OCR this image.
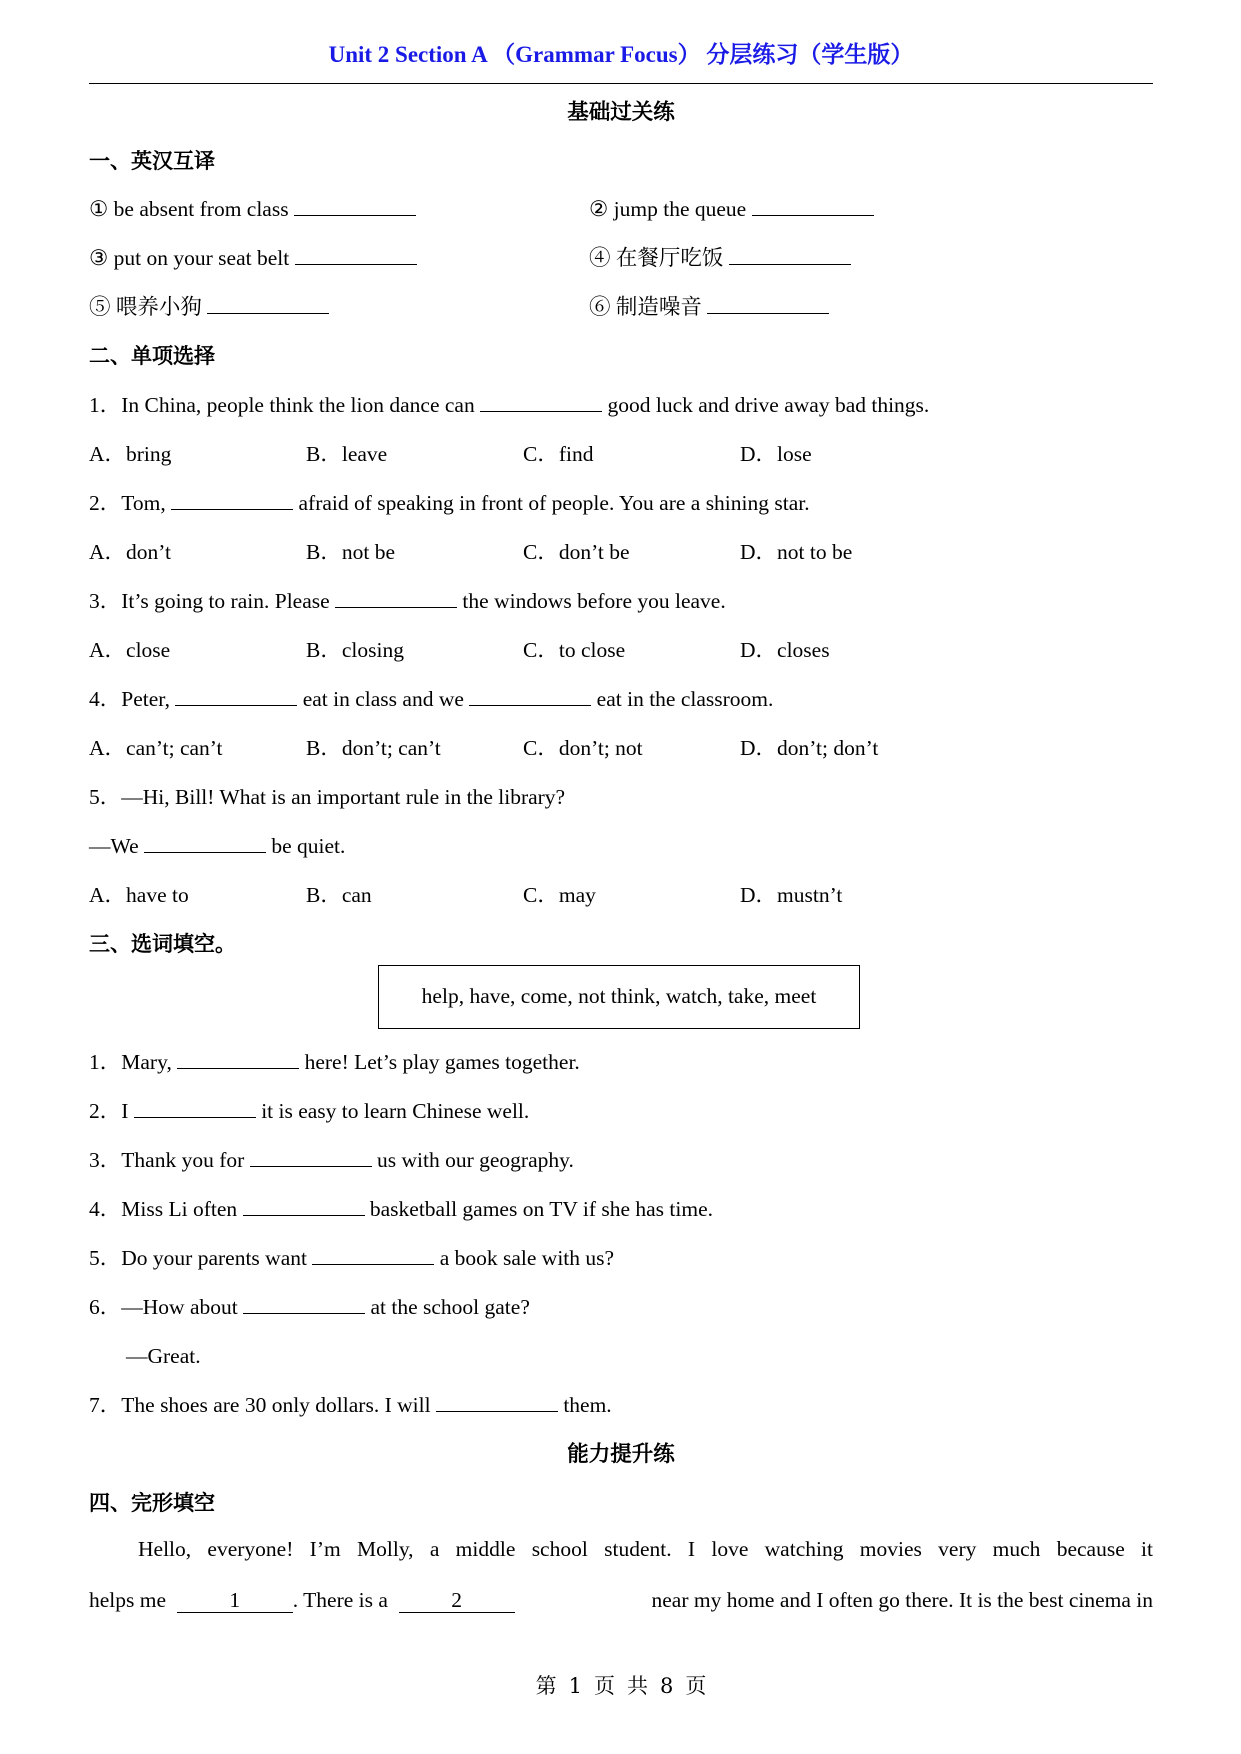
Unit 2 Section A （Grammar Focus） 分层练习（学生版）
基础过关练
一、英汉互译
① be absent from class	② jump the queue
③ put on your seat belt	④ 在餐厅吃饭
⑤ 喂养小狗	⑥ 制造噪音
二、单项选择
1．In China, people think the lion dance can	good luck and drive away bad things.
A．bring	B．leave	C．find	D．lose
2．Tom,	afraid of speaking in front of people. You are a shining star.
A．don’t	B．not be	C．don’t be	D．not to be
3．It’s going to rain. Please	the windows before you leave.
A．close	B．closing	C．to close	D．closes
4．Peter,	eat in class and we	eat in the classroom.
A．can’t; can’t	B．don’t; can’t	C．don’t; not	D．don’t; don’t
5．—Hi, Bill! What is an important rule in the library?
—We	be quiet.
A．have to	B．can	C．may	D．mustn’t
三、选词填空。
help, have, come, not think, watch, take, meet
1．Mary,	here! Let’s play games together.
2．I	it is easy to learn Chinese well.
3．Thank you for	us with our geography.
4．Miss Li often	basketball games on TV if she has time.
5．Do your parents want	a book sale with us?
6．—How about	at the school gate?
—Great.
7．The shoes are 30 only dollars. I will	them.
能力提升练
四、完形填空
Hello, everyone! I’m Molly, a middle school student. I love watching movies very much because it
helps me	1 . There is a	2	near my home and I often go there. It is the best cinema in
第 1 页 共 8 页
